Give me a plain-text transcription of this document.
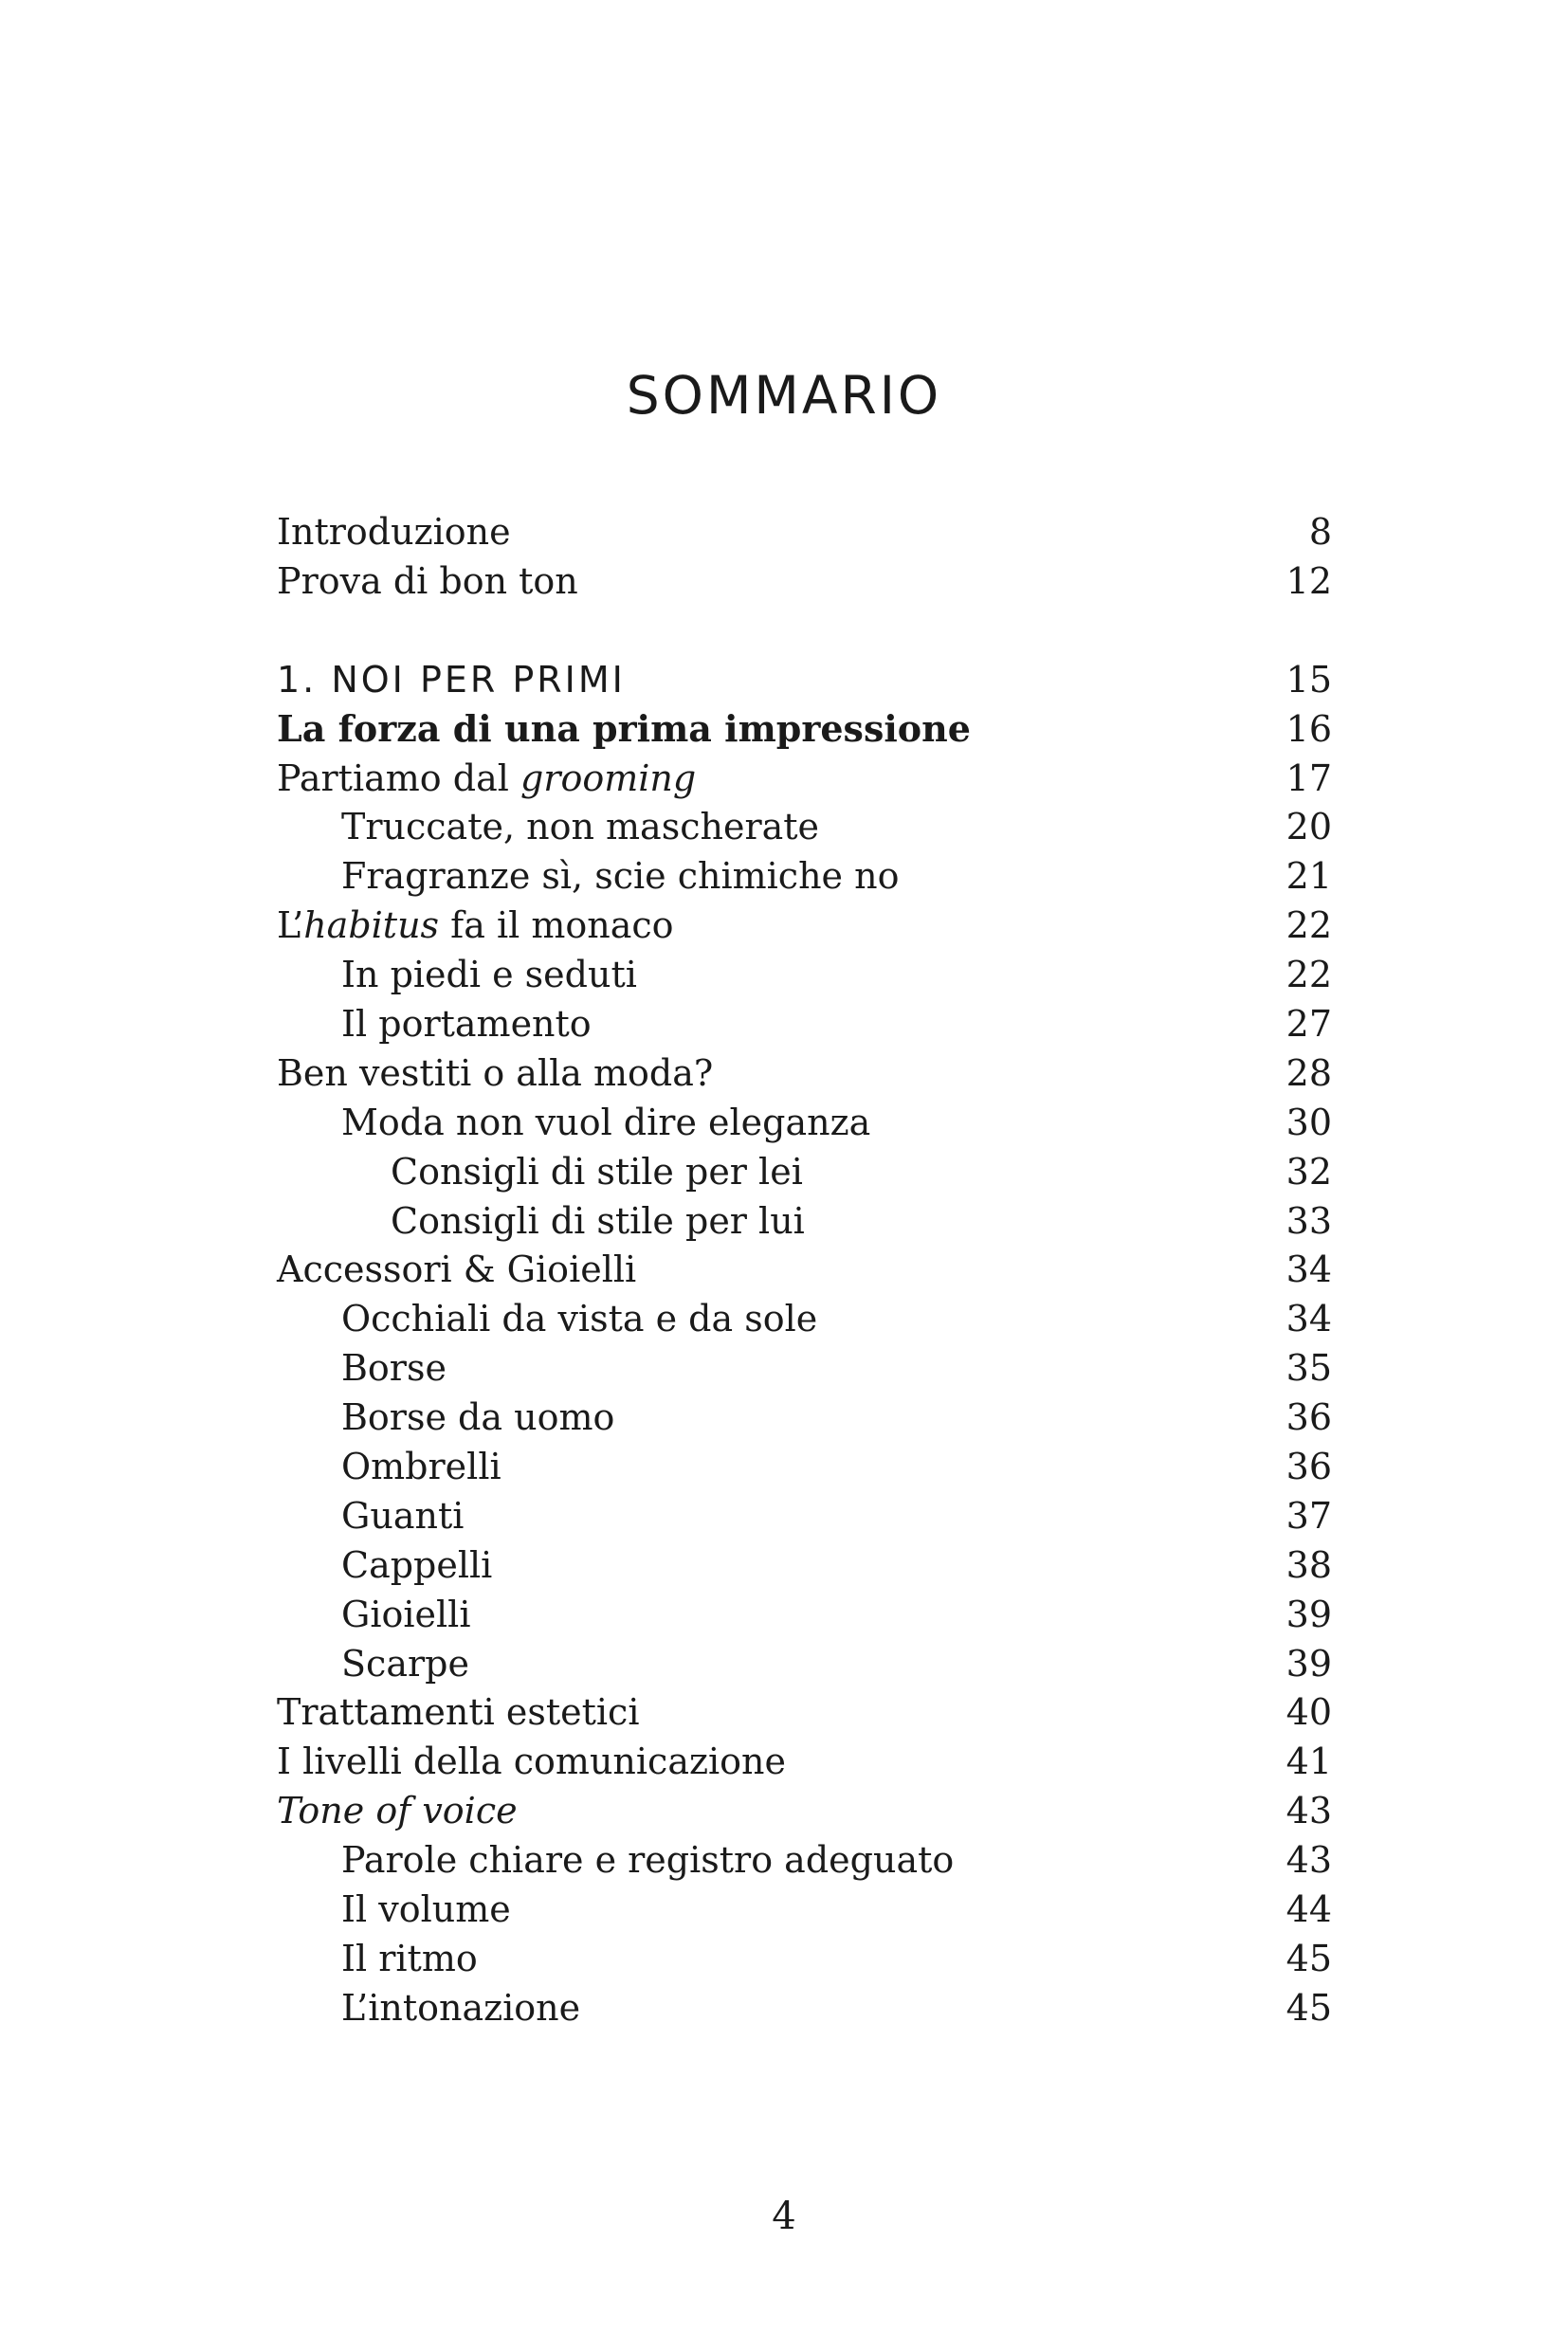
SOMMARIO
Introduzione	8
Prova di bon ton	12
1. NOI PER PRIMI	15
La forza di una prima impressione	16
Partiamo dal grooming	17
Truccate, non mascherate	20
Fragranze sì, scie chimiche no	21
L’habitus fa il monaco	22
In piedi e seduti	22
Il portamento	27
Ben vestiti o alla moda?	28
Moda non vuol dire eleganza	30
Consigli di stile per lei	32
Consigli di stile per lui	33
Accessori & Gioielli	34
Occhiali da vista e da sole	34
Borse	35
Borse da uomo	36
Ombrelli	36
Guanti	37
Cappelli	38
Gioielli	39
Scarpe	39
Trattamenti estetici	40
I livelli della comunicazione	41
Tone of voice	43
Parole chiare e registro adeguato	43
Il volume	44
Il ritmo	45
L’intonazione	45
4
